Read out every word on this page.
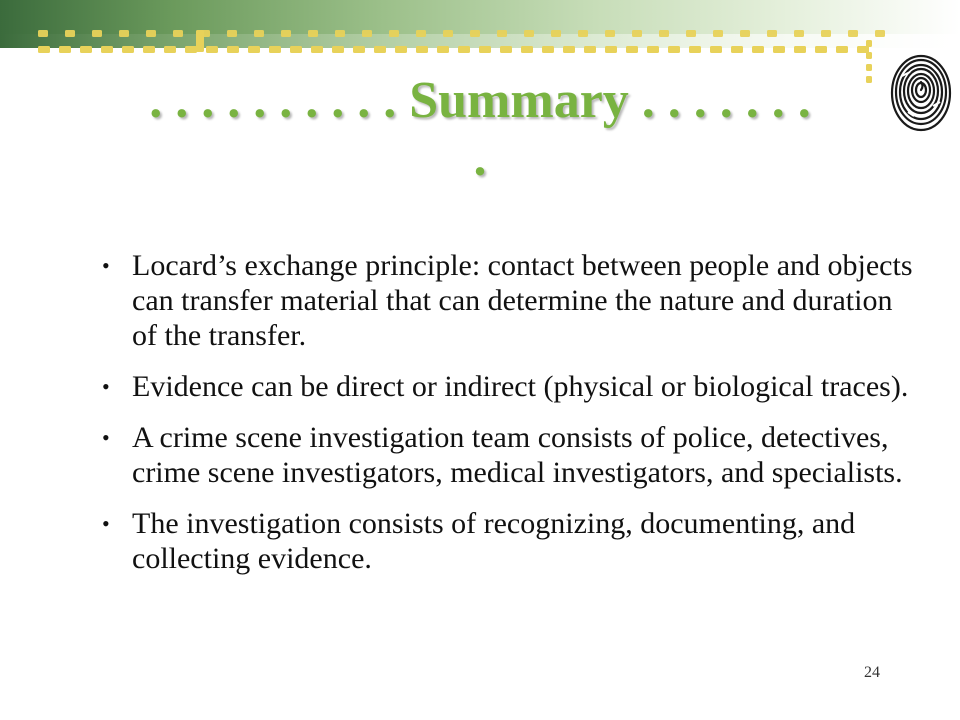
. . . . . . . . . . Summary . . . . . . .
.
• Locard’s exchange principle: contact between people and objects can transfer material that can determine the nature and duration of the transfer.
• Evidence can be direct or indirect (physical or biological traces).
• A crime scene investigation team consists of police, detectives, crime scene investigators, medical investigators, and specialists.
• The investigation consists of recognizing, documenting, and collecting evidence.
24
